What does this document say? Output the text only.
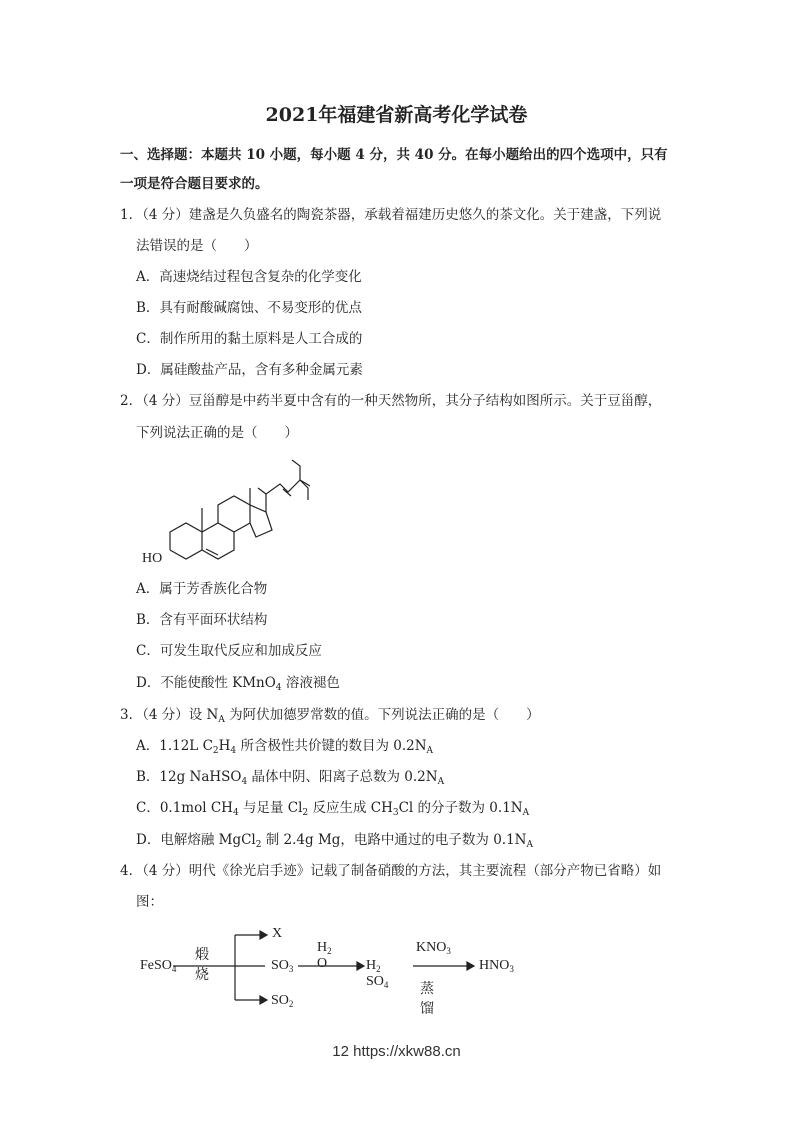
2021年福建省新高考化学试卷
一、选择题：本题共 10 小题，每小题 4 分，共 40 分。在每小题给出的四个选项中，只有
一项是符合题目要求的。
1．（4 分）建盏是久负盛名的陶瓷茶器，承载着福建历史悠久的茶文化。关于建盏，下列说
法错误的是（　　）
A．高速烧结过程包含复杂的化学变化
B．具有耐酸碱腐蚀、不易变形的优点
C．制作所用的黏土原料是人工合成的
D．属硅酸盐产品，含有多种金属元素
2．（4 分）豆甾醇是中药半夏中含有的一种天然物所，其分子结构如图所示。关于豆甾醇，
下列说法正确的是（　　）
A．属于芳香族化合物
B．含有平面环状结构
C．可发生取代反应和加成反应
D．不能使酸性 KMnO$_4$ 溶液褪色
3．（4 分）设 $N_A$ 为阿伏加德罗常数的值。下列说法正确的是（　　）
A．1.12L $C_2H_4$ 所含极性共价键的数目为 $0.2N_A$
B．12g NaHSO$_4$ 晶体中阴、阳离子总数为 $0.2N_A$
C．0.1mol $CH_4$ 与足量 $Cl_2$ 反应生成 $CH_3Cl$ 的分子数为 $0.1N_A$
D．电解熔融 MgCl$_2$ 制 2.4g Mg，电路中通过的电子数为 $0.1N_A$
4．（4 分）明代《徐光启手迹》记载了制备硝酸的方法，其主要流程（部分产物已省略）如
图：
HO
FeSO$_4$
煅烧
X
$SO_3$
$SO_2$
$H_2$ O	$H_2$ $SO_4$
$KNO_3$
蒸馏
$HNO_3$
12 https://xkw88.cn
